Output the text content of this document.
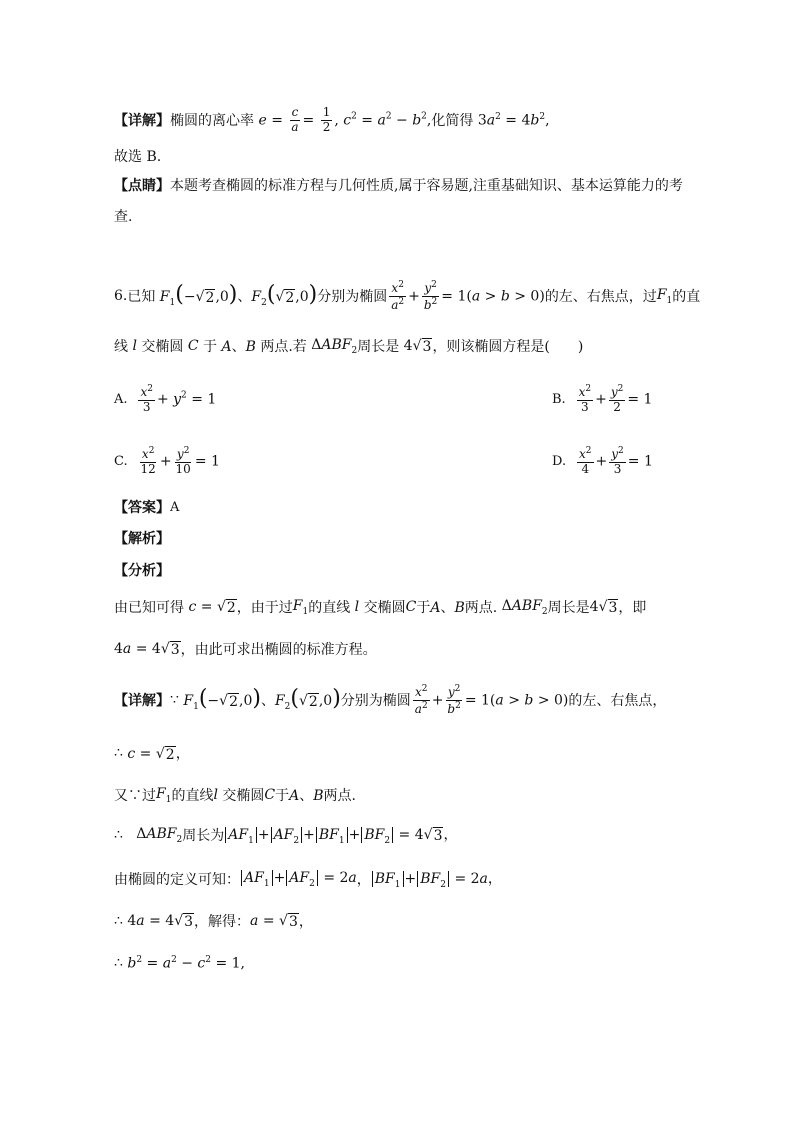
【详解】 椭圆的离心率 $e = \frac{c}{a} = \frac{1}{2}$ , $c^2 = a^2 - b^2$, 化简得 $3a^2 = 4b^2$,
故选 B.
【点睛】 本题考查椭圆的标准方程与几何性质,属于容易题,注重基础知识、基本运算能力的考
查.
6. 已知 $F_1(-$ √ 2 ,0) 、 $F_2$( √ 2 ,0) 分别为椭圆 $\frac{x^2}{a^2} + \frac{y^2}{b^2} = 1(a > b > 0)$ 的左、右焦点，过 $F_1$ 的直
线 l 交椭圆 C 于 A、B 两点.若 $\Delta ABF_2$ 周长是 4 √ 3 ，则该椭圆方程是(　　)
A.
$\frac{x^2}{3} + y^2 = 1$	B.
$\frac{x^2}{3} + \frac{y^2}{2} = 1$
C.
$\frac{x^2}{12} + \frac{y^2}{10} = 1$	D.
$\frac{x^2}{4} + \frac{y^2}{3} = 1$
【答案】 A
【解析】
【分析】
由已知可得 c = √ 2 ，由于过 $F_1$ 的直线 l 交椭圆 C 于 A、B 两点. $\Delta ABF_2$ 周长是 4 √ 3 ，即
4a = 4 √ 3 ，由此可求出椭圆的标准方程。
【详解】 ∵ $F_1(-$ √ 2 ,0) 、 $F_2$( √ 2 ,0) 分别为椭圆 $\frac{x^2}{a^2} + \frac{y^2}{b^2} = 1(a > b > 0)$ 的左、右焦点，
∴ c = √ 2 ，
又∵过 $F_1$ 的直线 l 交椭圆 C 于 A、B 两点.
∴ $\Delta ABF_2$ 周长为 $AF_1 + AF_2 + BF_1 + BF_2 = 4$ √ 3 ，
由椭圆的定义可知： $AF_1 + AF_2 = 2a$ ， $BF_1 + BF_2 = 2a$，
∴ 4a = 4 √ 3 ，解得： a = √ 3 ，
∴ $b^2 = a^2 - c^2 = 1$,
